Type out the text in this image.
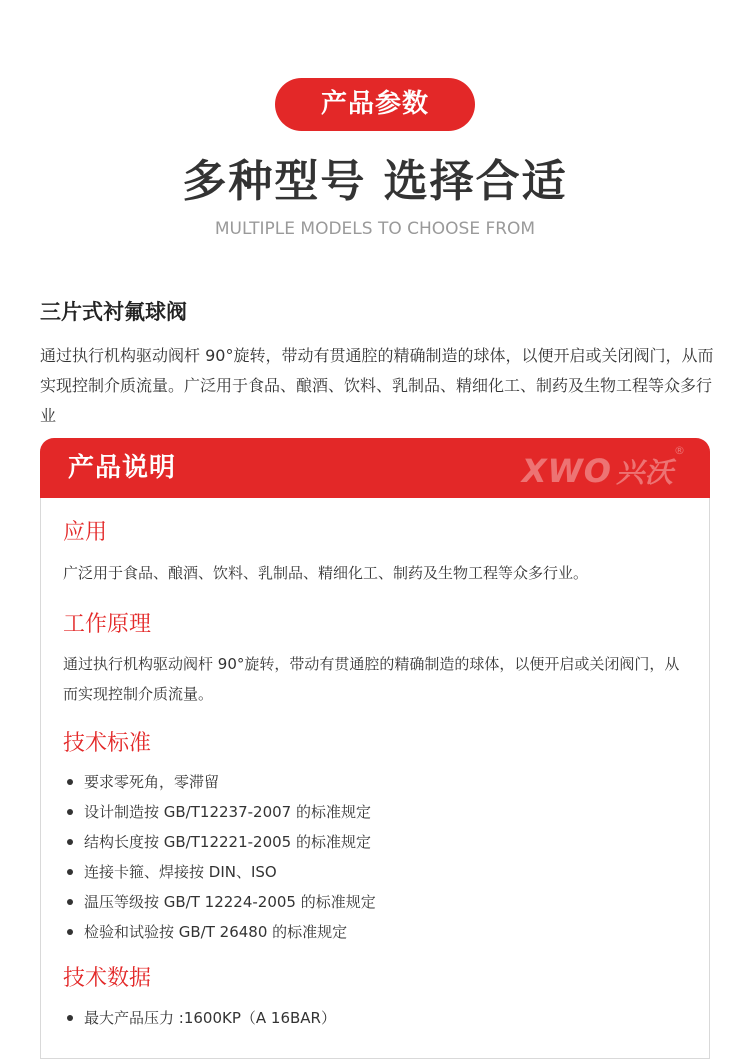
产品参数
多种型号 选择合适
MULTIPLE MODELS TO CHOOSE FROM
三片式衬氟球阀
通过执行机构驱动阀杆 90°旋转，带动有贯通腔的精确制造的球体，以便开启或关闭阀门，从而实现控制介质流量。广泛用于食品、酿酒、饮料、乳制品、精细化工、制药及生物工程等众多行业
产品说明	XWO 兴沃
®
应用
广泛用于食品、酿酒、饮料、乳制品、精细化工、制药及生物工程等众多行业。
工作原理
通过执行机构驱动阀杆 90°旋转，带动有贯通腔的精确制造的球体，以便开启或关闭阀门，从而实现控制介质流量。
技术标准
要求零死角，零滞留
设计制造按 GB/T12237-2007 的标准规定
结构长度按 GB/T12221-2005 的标准规定
连接卡箍、焊接按 DIN、ISO
温压等级按 GB/T 12224-2005 的标准规定
检验和试验按 GB/T 26480 的标准规定
技术数据
最大产品压力 :1600KP（A 16BAR）
